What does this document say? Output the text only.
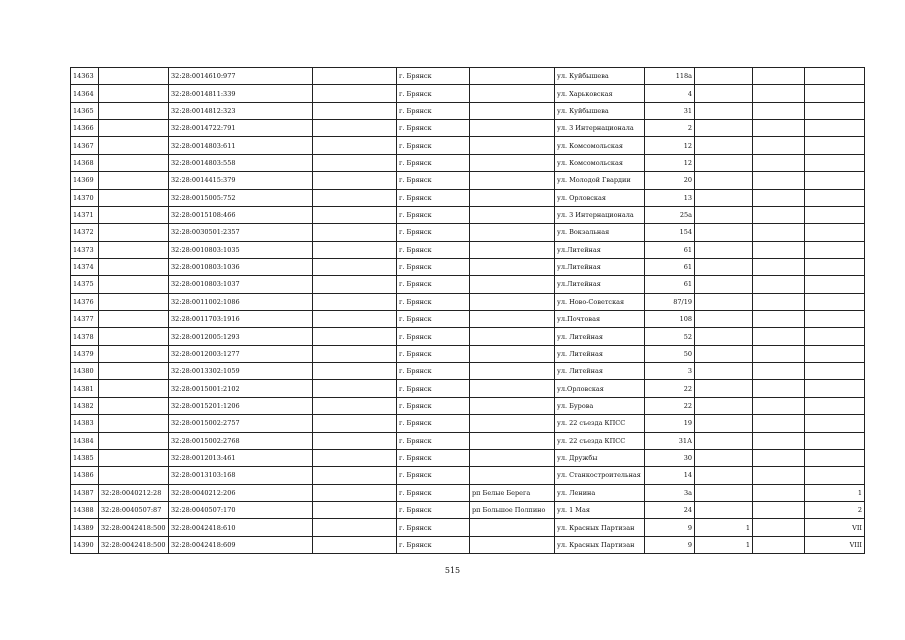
14363		32:28:0014610:977		г. Брянск		ул. Куйбышева	118а			
14364		32:28:0014811:339		г. Брянск		ул. Харьковская	4			
14365		32:28:0014812:323		г. Брянск		ул. Куйбышева	31			
14366		32:28:0014722:791		г. Брянск		ул. 3 Интернационала	2			
14367		32:28:0014803:611		г. Брянск		ул. Комсомольская	12			
14368		32:28:0014803:558		г. Брянск		ул. Комсомольская	12			
14369		32:28:0014415:379		г. Брянск		ул. Молодой Гвардии	20			
14370		32:28:0015005:752		г. Брянск		ул. Орловская	13			
14371		32:28:0015108:466		г. Брянск		ул. 3 Интернационала	25а			
14372		32:28:0030501:2357		г. Брянск		ул. Вокзальная	154			
14373		32:28:0010803:1035		г. Брянск		ул.Литейная	61			
14374		32:28:0010803:1036		г. Брянск		ул.Литейная	61			
14375		32:28:0010803:1037		г. Брянск		ул.Литейная	61			
14376		32:28:0011002:1086		г. Брянск		ул. Ново-Советская	87/19			
14377		32:28:0011703:1916		г. Брянск		ул.Почтовая	108			
14378		32:28:0012005:1293		г. Брянск		ул. Литейная	52			
14379		32:28:0012003:1277		г. Брянск		ул. Литейная	50			
14380		32:28:0013302:1059		г. Брянск		ул. Литейная	3			
14381		32:28:0015001:2102		г. Брянск		ул.Орловская	22			
14382		32:28:0015201:1206		г. Брянск		ул. Бурова	22			
14383		32:28:0015002:2757		г. Брянск		ул. 22 съезда КПСС	19			
14384		32:28:0015002:2768		г. Брянск		ул. 22 съезда КПСС	31А			
14385		32:28:0012013:461		г. Брянск		ул. Дружбы	30			
14386		32:28:0013103:168		г. Брянск		ул. Станкостроительная	14			
14387	32:28:0040212:28	32:28:0040212:206		г. Брянск	рп Белые Берега	ул. Ленина	3а			1
14388	32:28:0040507:87	32:28:0040507:170		г. Брянск	рп Большое Полпино	ул. 1 Мая	24			2
14389	32:28:0042418:500	32:28:0042418:610		г. Брянск		ул. Красных Партизан	9	1		VII
14390	32:28:0042418:500	32:28:0042418:609		г. Брянск		ул. Красных Партизан	9	1		VIII
515
